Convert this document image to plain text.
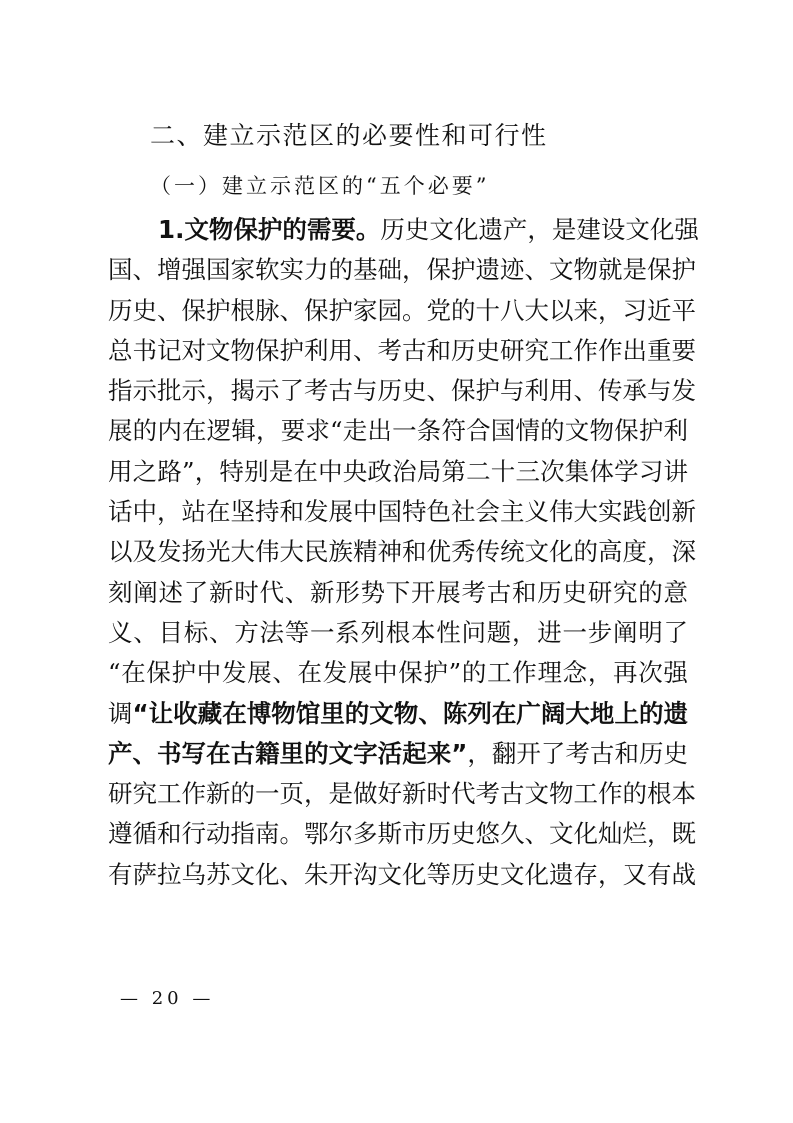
二、建立示范区的必要性和可行性
（一）建立示范区的“五个必要”
1 . 文 物 保 护 的 需 要 。 历 史 文 化 遗 产 ， 是 建 设 文 化 强
国 、 增 强 国 家 软 实 力 的 基 础 ， 保 护 遗 迹 、 文 物 就 是 保 护
历 史 、 保 护 根 脉 、 保 护 家 园 。 党 的 十 八 大 以 来 ， 习 近 平
总 书 记 对 文 物 保 护 利 用 、 考 古 和 历 史 研 究 工 作 作 出 重 要
指 示 批 示 ， 揭 示 了 考 古 与 历 史 、 保 护 与 利 用 、 传 承 与 发
展 的 内 在 逻 辑 ， 要 求 “ 走 出 一 条 符 合 国 情 的 文 物 保 护 利
用 之 路 ” ， 特 别 是 在 中 央 政 治 局 第 二 十 三 次 集 体 学 习 讲
话 中 ， 站 在 坚 持 和 发 展 中 国 特 色 社 会 主 义 伟 大 实 践 创 新
以 及 发 扬 光 大 伟 大 民 族 精 神 和 优 秀 传 统 文 化 的 高 度 ， 深
刻 阐 述 了 新 时 代 、 新 形 势 下 开 展 考 古 和 历 史 研 究 的 意
义 、 目 标 、 方 法 等 一 系 列 根 本 性 问 题 ， 进 一 步 阐 明 了
“ 在 保 护 中 发 展 、 在 发 展 中 保 护 ” 的 工 作 理 念 ， 再 次 强
调 “ 让 收 藏 在 博 物 馆 里 的 文 物 、 陈 列 在 广 阔 大 地 上 的 遗
产 、 书 写 在 古 籍 里 的 文 字 活 起 来 ” ， 翻 开 了 考 古 和 历 史
研 究 工 作 新 的 一 页 ， 是 做 好 新 时 代 考 古 文 物 工 作 的 根 本
遵 循 和 行 动 指 南 。 鄂 尔 多 斯 市 历 史 悠 久 、 文 化 灿 烂 ， 既
有 萨 拉 乌 苏 文 化 、 朱 开 沟 文 化 等 历 史 文 化 遗 存 ， 又 有 战
— 20 —
